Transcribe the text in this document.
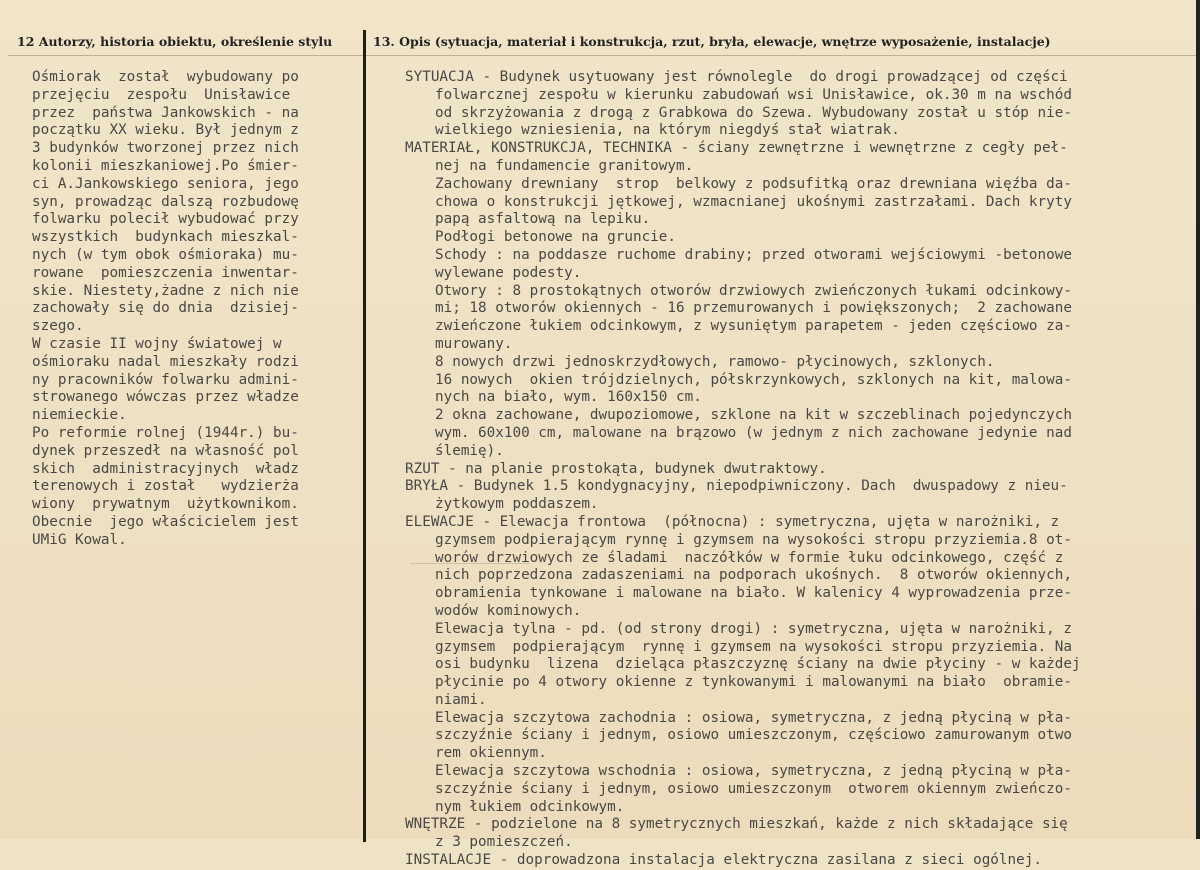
12 Autorzy, historia obiektu, określenie stylu	13. Opis (sytuacja, materiał i konstrukcja, rzut, bryła, elewacje, wnętrze wyposażenie, instalacje)
Ośmiorak  został  wybudowany po
przejęciu  zespołu  Unisławice
przez  państwa Jankowskich - na
początku XX wieku. Był jednym z
3 budynków tworzonej przez nich
kolonii mieszkaniowej.Po śmier-
ci A.Jankowskiego seniora, jego
syn, prowadząc dalszą rozbudowę
folwarku polecił wybudować przy
wszystkich  budynkach mieszkal-
nych (w tym obok ośmioraka) mu-
rowane  pomieszczenia inwentar-
skie. Niestety,żadne z nich nie
zachowały się do dnia  dzisiej-
szego.
W czasie II wojny światowej w
ośmioraku nadal mieszkały rodzi
ny pracowników folwarku admini-
strowanego wówczas przez władze
niemieckie.
Po reformie rolnej (1944r.) bu-
dynek przeszedł na własność pol
skich  administracyjnych  władz
terenowych i został   wydzierża
wiony  prywatnym  użytkownikom.
Obecnie  jego właścicielem jest
UMiG Kowal.
SYTUACJA - Budynek usytuowany jest równolegle  do drogi prowadzącej od części
folwarcznej zespołu w kierunku zabudowań wsi Unisławice, ok.30 m na wschód
od skrzyżowania z drogą z Grabkowa do Szewa. Wybudowany został u stóp nie-
wielkiego wzniesienia, na którym niegdyś stał wiatrak.
MATERIAŁ, KONSTRUKCJA, TECHNIKA - ściany zewnętrzne i wewnętrzne z cegły peł-
nej na fundamencie granitowym.
Zachowany drewniany  strop  belkowy z podsufitką oraz drewniana więźba da-
chowa o konstrukcji jętkowej, wzmacnianej ukośnymi zastrzałami. Dach kryty
papą asfaltową na lepiku.
Podłogi betonowe na gruncie.
Schody : na poddasze ruchome drabiny; przed otworami wejściowymi -betonowe
wylewane podesty.
Otwory : 8 prostokątnych otworów drzwiowych zwieńczonych łukami odcinkowy-
mi; 18 otworów okiennych - 16 przemurowanych i powiększonych;  2 zachowane
zwieńczone łukiem odcinkowym, z wysuniętym parapetem - jeden częściowo za-
murowany.
8 nowych drzwi jednoskrzydłowych, ramowo- płycinowych, szklonych.
16 nowych  okien trójdzielnych, półskrzynkowych, szklonych na kit, malowa-
nych na biało, wym. 160x150 cm.
2 okna zachowane, dwupoziomowe, szklone na kit w szczeblinach pojedynczych
wym. 60x100 cm, malowane na brązowo (w jednym z nich zachowane jedynie nad
ślemię).
RZUT - na planie prostokąta, budynek dwutraktowy.
BRYŁA - Budynek 1.5 kondygnacyjny, niepodpiwniczony. Dach  dwuspadowy z nieu-
żytkowym poddaszem.
ELEWACJE - Elewacja frontowa  (północna) : symetryczna, ujęta w narożniki, z
gzymsem podpierającym rynnę i gzymsem na wysokości stropu przyziemia.8 ot-
worów drzwiowych ze śladami  naczółków w formie łuku odcinkowego, część z
nich poprzedzona zadaszeniami na podporach ukośnych.  8 otworów okiennych,
obramienia tynkowane i malowane na biało. W kalenicy 4 wyprowadzenia prze-
wodów kominowych.
Elewacja tylna - pd. (od strony drogi) : symetryczna, ujęta w narożniki, z
gzymsem  podpierającym  rynnę i gzymsem na wysokości stropu przyziemia. Na
osi budynku  lizena  dzieląca płaszczyznę ściany na dwie płyciny - w każdej
płycinie po 4 otwory okienne z tynkowanymi i malowanymi na biało  obramie-
niami.
Elewacja szczytowa zachodnia : osiowa, symetryczna, z jedną płyciną w pła-
szczyźnie ściany i jednym, osiowo umieszczonym, częściowo zamurowanym otwo
rem okiennym.
Elewacja szczytowa wschodnia : osiowa, symetryczna, z jedną płyciną w pła-
szczyźnie ściany i jednym, osiowo umieszczonym  otworem okiennym zwieńczo-
nym łukiem odcinkowym.
WNĘTRZE - podzielone na 8 symetrycznych mieszkań, każde z nich składające się
z 3 pomieszczeń.
INSTALACJE - doprowadzona instalacja elektryczna zasilana z sieci ogólnej.
